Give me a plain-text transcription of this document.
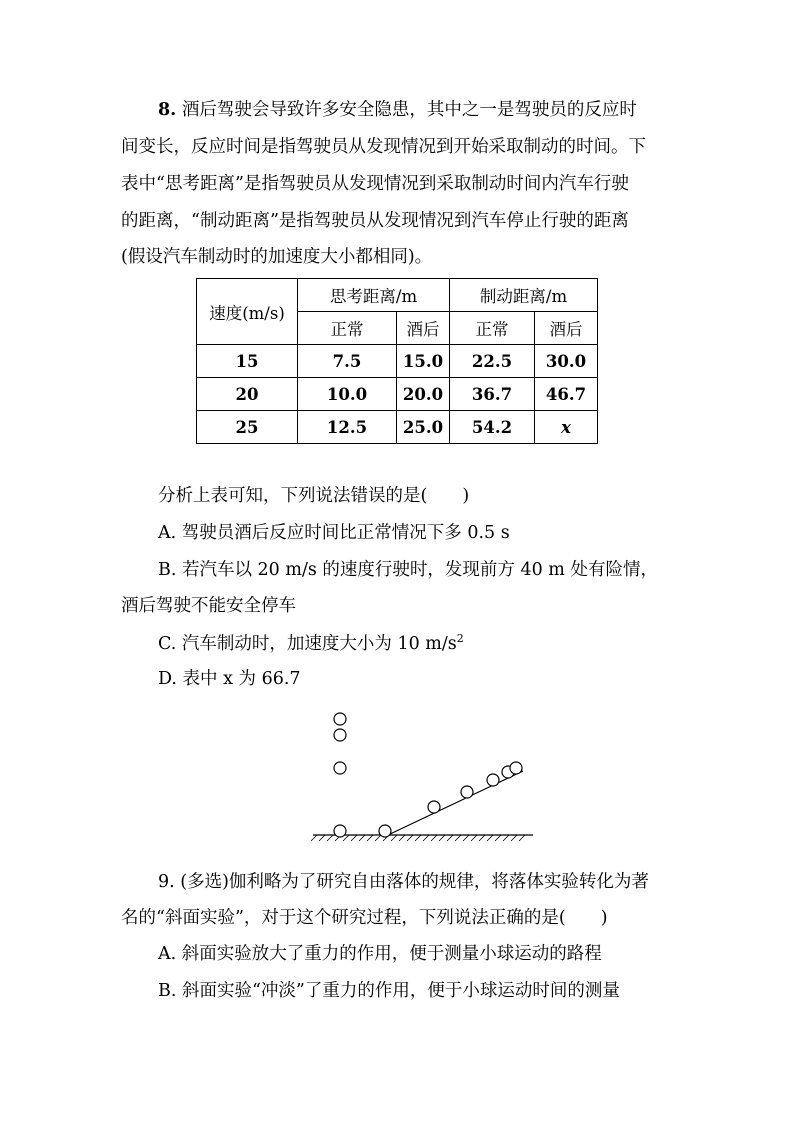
8. 酒后驾驶会导致许多安全隐患，其中之一是驾驶员的反应时
间变长，反应时间是指驾驶员从发现情况到开始采取制动的时间。下
表中“思考距离”是指驾驶员从发现情况到采取制动时间内汽车行驶
的距离，“制动距离”是指驾驶员从发现情况到汽车停止行驶的距离
(假设汽车制动时的加速度大小都相同)。
速度(m/s)	思考距离/m		制动距离/m	
	正常	酒后	正常	酒后
15	7.5	15.0	22.5	30.0
20	10.0	20.0	36.7	46.7
25	12.5	25.0	54.2	x
分析上表可知，下列说法错误的是(　　)
A. 驾驶员酒后反应时间比正常情况下多 0.5 s
B. 若汽车以 20 m/s 的速度行驶时，发现前方 40 m 处有险情，
酒后驾驶不能安全停车
C. 汽车制动时，加速度大小为 10 $m/s^2$
D. 表中 x 为 66.7
9. (多选)伽利略为了研究自由落体的规律，将落体实验转化为著
名的“斜面实验”，对于这个研究过程，下列说法正确的是(　　)
A. 斜面实验放大了重力的作用，便于测量小球运动的路程
B. 斜面实验“冲淡”了重力的作用，便于小球运动时间的测量
